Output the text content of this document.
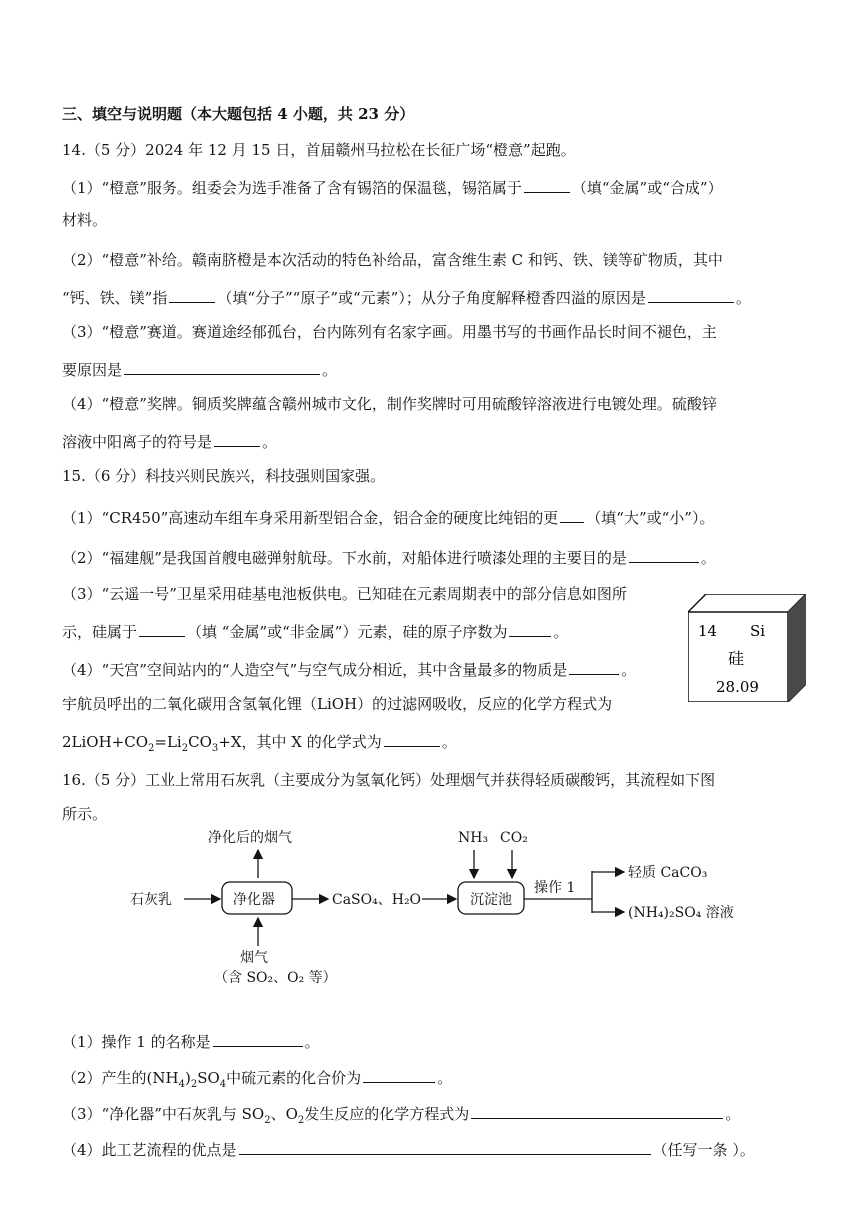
三、填空与说明题（本大题包括 4 小题，共 23 分）
14.（5 分）2024 年 12 月 15 日，首届赣州马拉松在长征广场“橙意”起跑。
（1）“橙意”服务。组委会为选手准备了含有锡箔的保温毯，锡箔属于	（填“金属”或“合成”）
材料。
（2）“橙意”补给。赣南脐橙是本次活动的特色补给品，富含维生素 C 和钙、铁、镁等矿物质，其中
“钙、铁、镁”指	（填“分子”“原子”或“元素”）；从分子角度解释橙香四溢的原因是	。
（3）“橙意”赛道。赛道途经郁孤台，台内陈列有名家字画。用墨书写的书画作品长时间不褪色，主
要原因是	。
（4）“橙意”奖牌。铜质奖牌蕴含赣州城市文化，制作奖牌时可用硫酸锌溶液进行电镀处理。硫酸锌
溶液中阳离子的符号是	。
15.（6 分）科技兴则民族兴，科技强则国家强。
（1）“CR450”高速动车组车身采用新型铝合金，铝合金的硬度比纯铝的更 （填“大”或“小”）。
（2）“福建舰”是我国首艘电磁弹射航母。下水前，对船体进行喷漆处理的主要目的是	。
（3）“云遥一号”卫星采用硅基电池板供电。已知硅在元素周期表中的部分信息如图所
示，硅属于	（填 “金属”或“非金属”）元素，硅的原子序数为	。
（4）“天宫”空间站内的“人造空气”与空气成分相近，其中含量最多的物质是	。
宇航员呼出的二氧化碳用含氢氧化锂（LiOH）的过滤网吸收，反应的化学方程式为
$2LiOH+CO_2=Li_2CO_3+X$，其中 X 的化学式为	。
14 Si
硅
28.09
16.（5 分）工业上常用石灰乳（主要成分为氢氧化钙）处理烟气并获得轻质碳酸钙，其流程如下图
所示。
净化后的烟气
石灰乳	净化器
烟气
（含 SO₂、O₂ 等）
CaSO₄、H₂O
NH₃ CO₂
沉淀池
操作 1
轻质 CaCO₃
(NH₄)₂SO₄ 溶液
（1）操作 1 的名称是	。
（2）产生的$(NH_4)_2SO_4$中硫元素的化合价为	。
（3）“净化器”中石灰乳与 $SO_2$、$O_2$发生反应的化学方程式为	。
（4）此工艺流程的优点是	（任写一条 ）。
